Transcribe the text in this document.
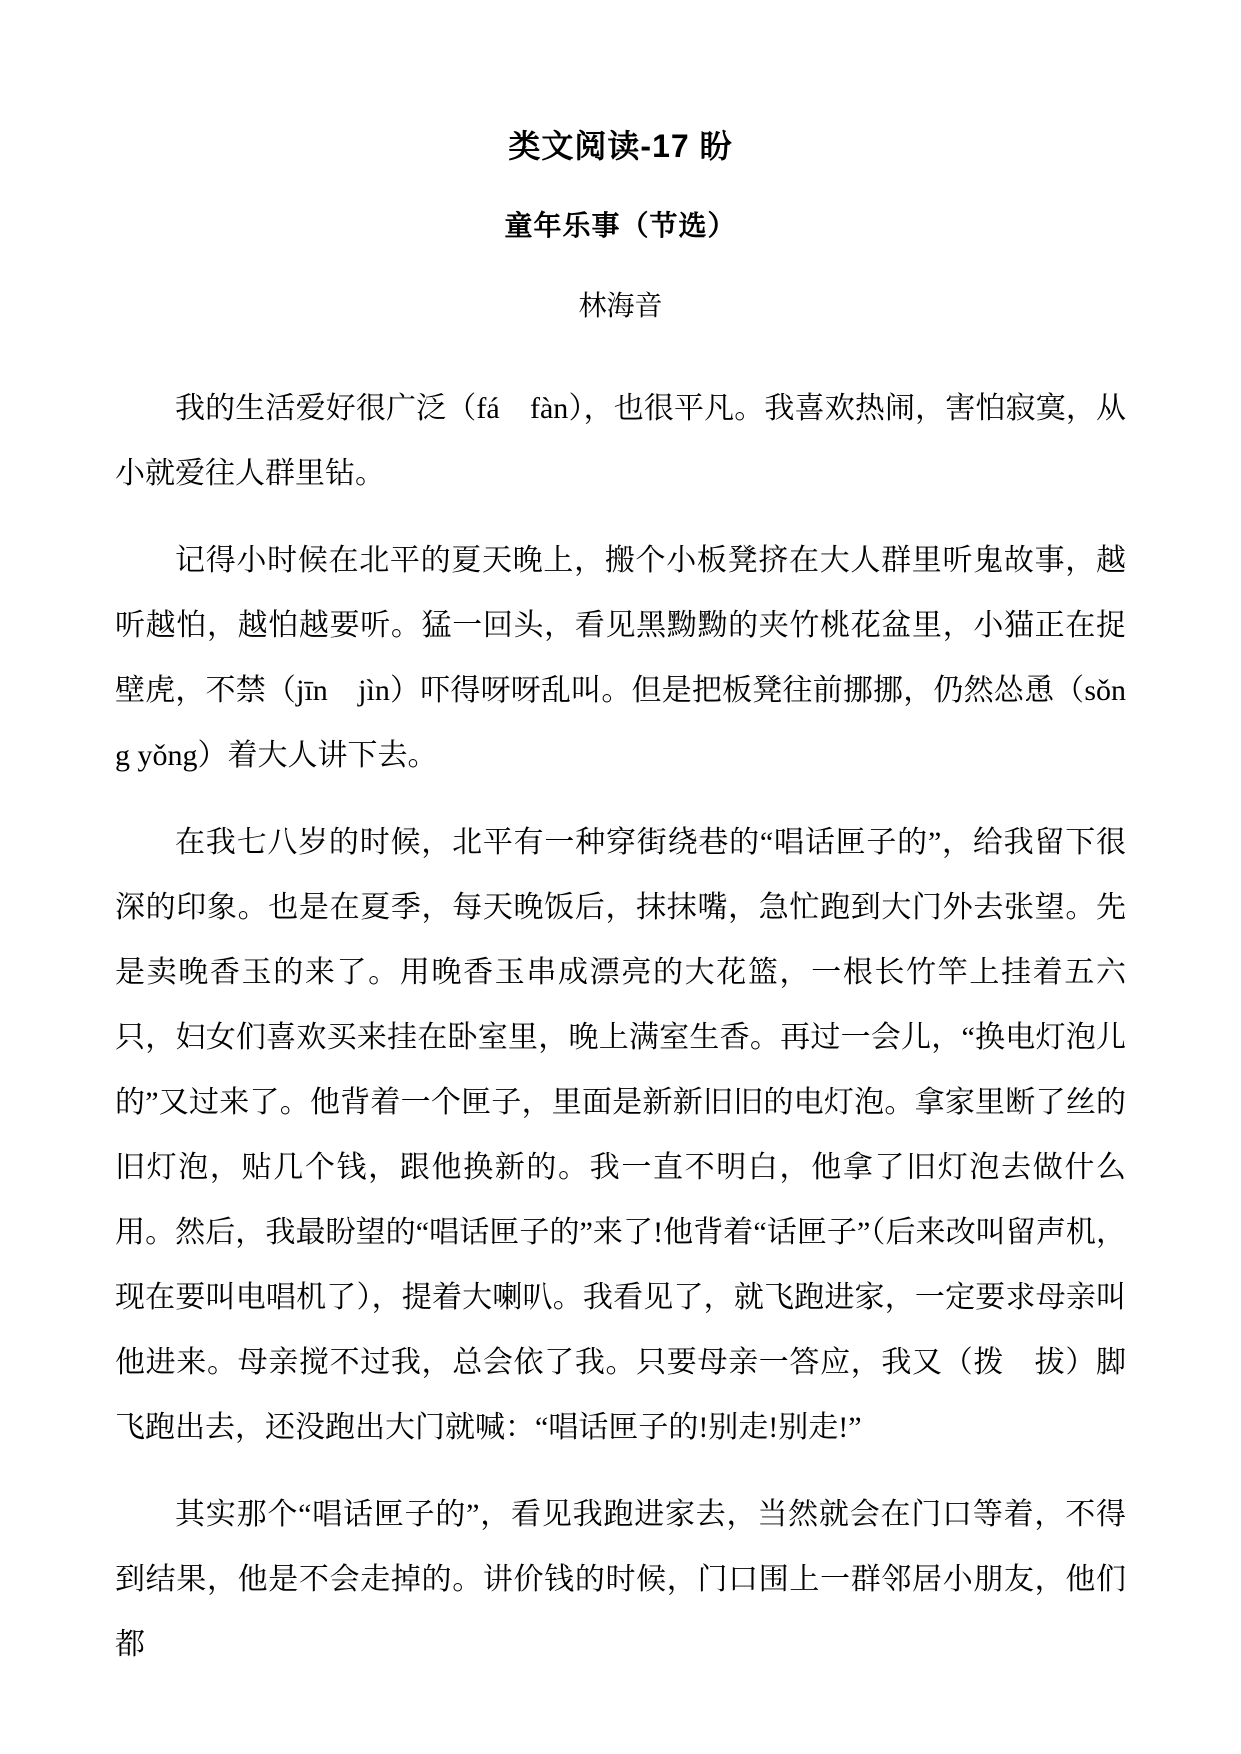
类文阅读-17 盼
童年乐事（节选）
林海音

我的生活爱好很广泛（fá　fàn），也很平凡。我喜欢热闹，害怕寂寞，从小就爱往人群里钻。

记得小时候在北平的夏天晚上，搬个小板凳挤在大人群里听鬼故事，越听越怕，越怕越要听。猛一回头，看见黑黝黝的夹竹桃花盆里，小猫正在捉壁虎，不禁（jīn　jìn）吓得呀呀乱叫。但是把板凳往前挪挪，仍然怂恿（sǒng yǒng）着大人讲下去。

在我七八岁的时候，北平有一种穿街绕巷的“唱话匣子的”，给我留下很深的印象。也是在夏季，每天晚饭后，抹抹嘴，急忙跑到大门外去张望。先是卖晚香玉的来了。用晚香玉串成漂亮的大花篮，一根长竹竿上挂着五六只，妇女们喜欢买来挂在卧室里，晚上满室生香。再过一会儿，“换电灯泡儿的”又过来了。他背着一个匣子，里面是新新旧旧的电灯泡。拿家里断了丝的旧灯泡，贴几个钱，跟他换新的。我一直不明白，他拿了旧灯泡去做什么用。然后，我最盼望的“唱话匣子的”来了!他背着“话匣子”（后来改叫留声机，现在要叫电唱机了），提着大喇叭。我看见了，就飞跑进家，一定要求母亲叫他进来。母亲搅不过我，总会依了我。只要母亲一答应，我又（拨　拔）脚飞跑出去，还没跑出大门就喊：“唱话匣子的!别走!别走!”

其实那个“唱话匣子的”，看见我跑进家去，当然就会在门口等着，不得到结果，他是不会走掉的。讲价钱的时候，门口围上一群邻居小朋友，他们都
